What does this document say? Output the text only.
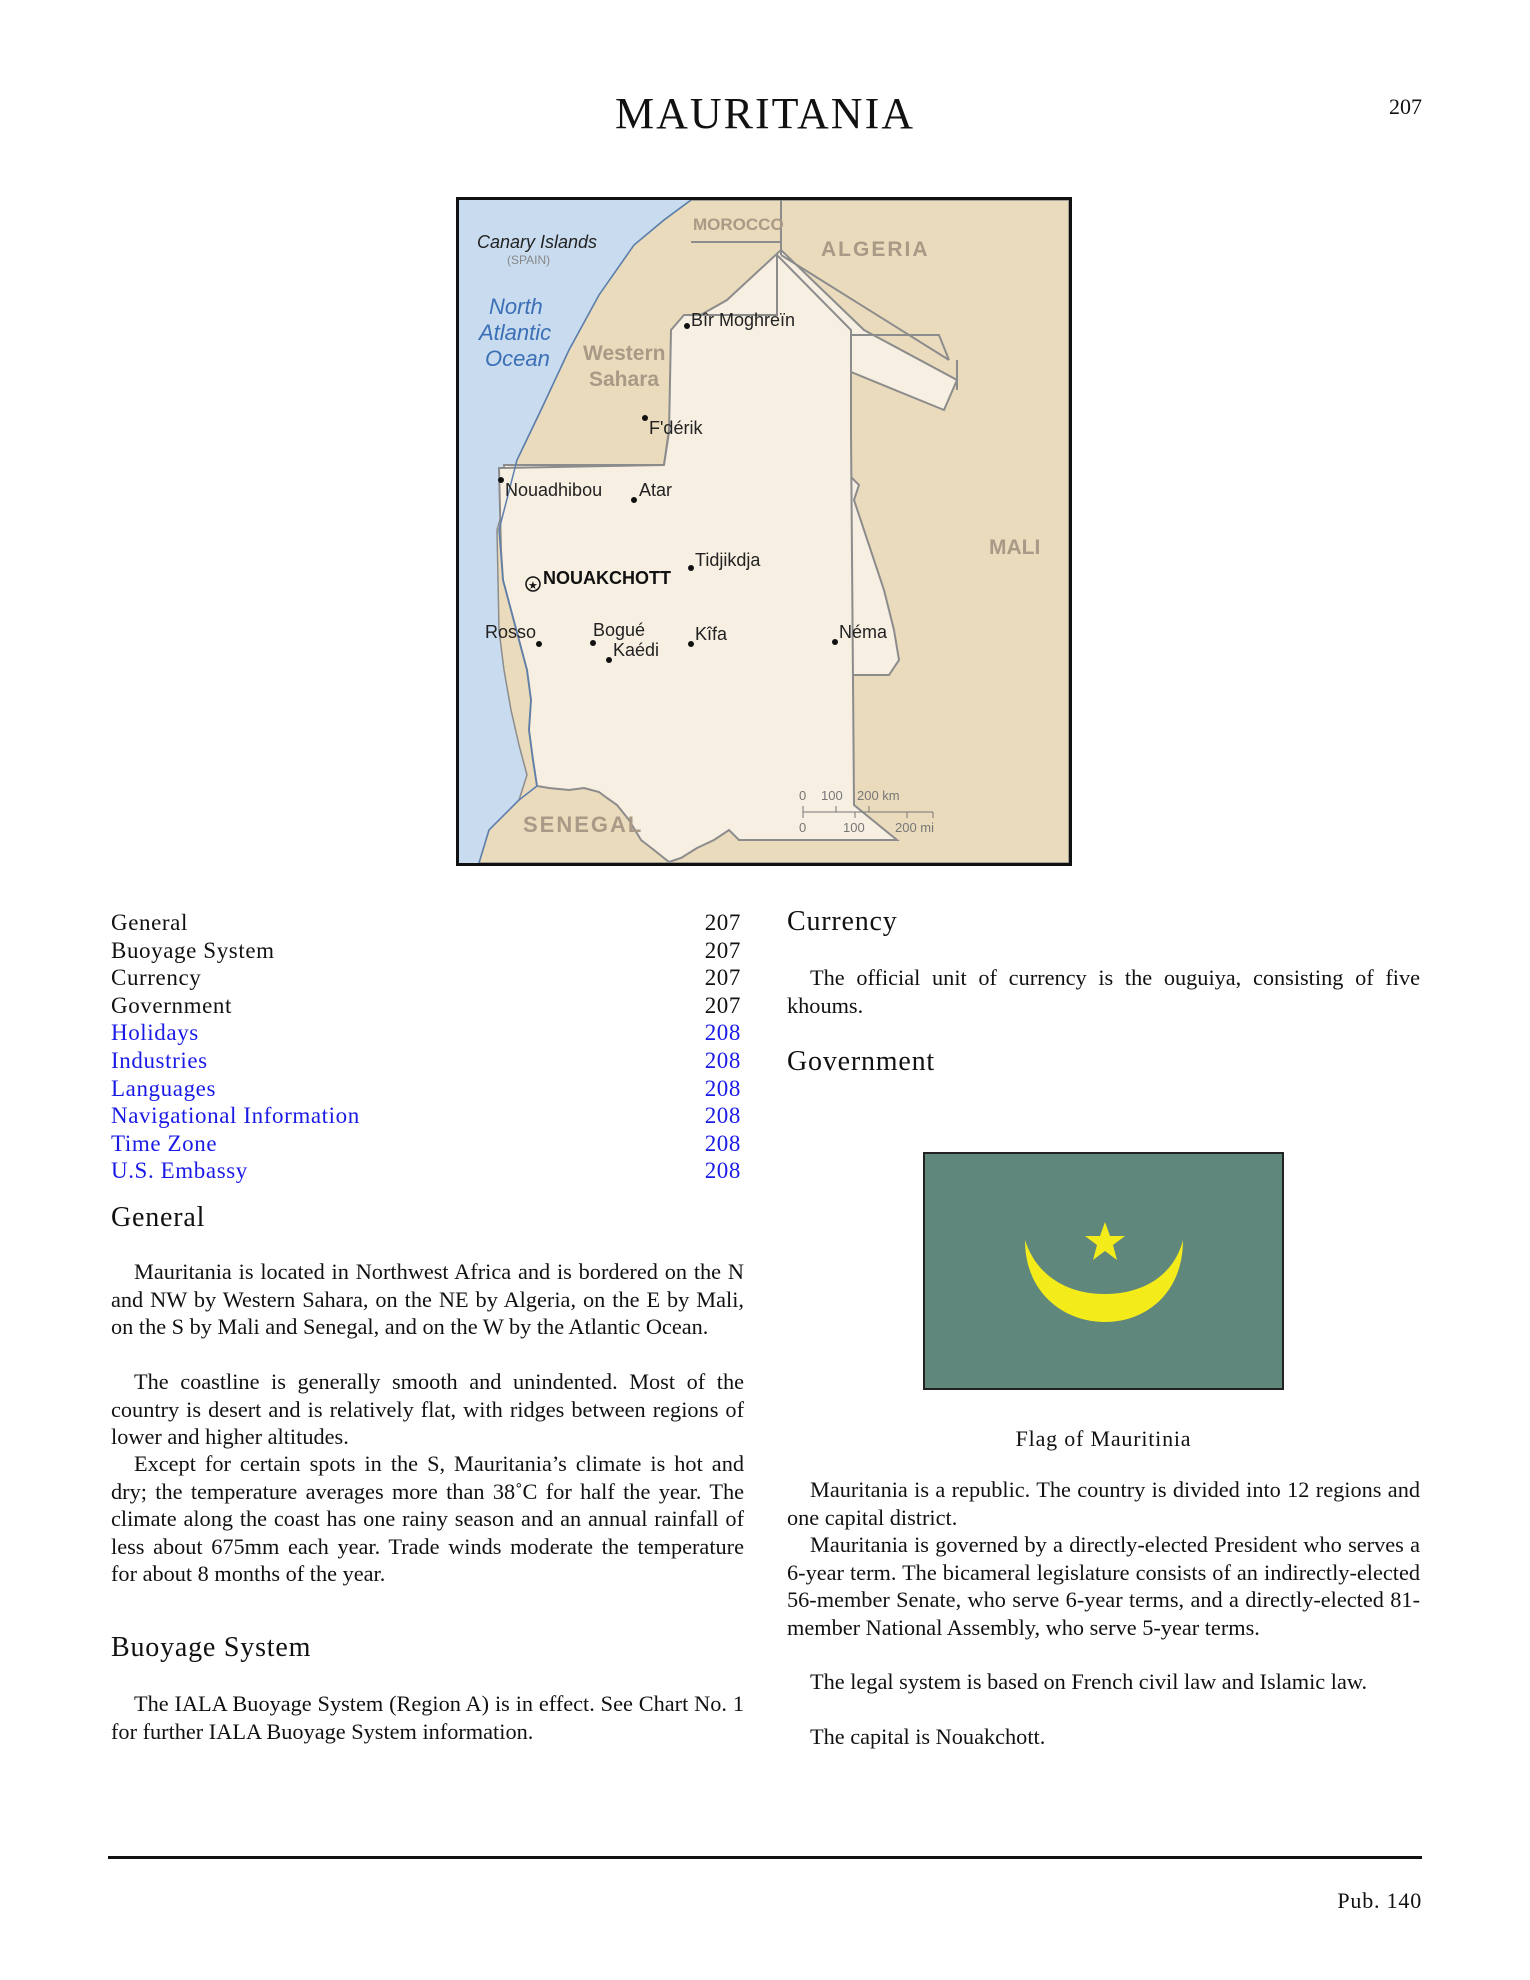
MAURITANIA	207
Canary Islands
(SPAIN)
North
Atlantic
Ocean Western
Sahara
MOROCCO
ALGERIA
MALI
SENEGAL
Bîr Moghreïn
F'dérik
Nouadhibou Atar
Tidjikdja
★ NOUAKCHOTT
Rosso	Bogué
Kaédi
Kîfa	Néma
0 100 200 km
0	100 200 mi
General	207
Buoyage System	207
Currency	207
Government	207
Holidays	208
Industries	208
Languages	208
Navigational Information	208
Time Zone	208
U.S. Embassy	208
General

Mauritania is located in Northwest Africa and is bordered on the N and NW by Western Sahara, on the NE by Algeria, on the E by Mali, on the S by Mali and Senegal, and on the W by the Atlantic Ocean.

The coastline is generally smooth and unindented. Most of the country is desert and is relatively flat, with ridges between regions of lower and higher altitudes.

Except for certain spots in the S, Mauritania’s climate is hot and dry; the temperature averages more than 38˚C for half the year. The climate along the coast has one rainy season and an annual rainfall of less about 675mm each year. Trade winds moderate the temperature for about 8 months of the year.

Buoyage System

The IALA Buoyage System (Region A) is in effect. See Chart No. 1 for further IALA Buoyage System information.

Currency

The official unit of currency is the ouguiya, consisting of five khoums.

Government
Flag of Mauritinia

Mauritania is a republic. The country is divided into 12 regions and one capital district.

Mauritania is governed by a directly-elected President who serves a 6-year term. The bicameral legislature consists of an indirectly-elected 56-member Senate, who serve 6-year terms, and a directly-elected 81-member National Assembly, who serve 5-year terms.

The legal system is based on French civil law and Islamic law.

The capital is Nouakchott.

Pub. 140
